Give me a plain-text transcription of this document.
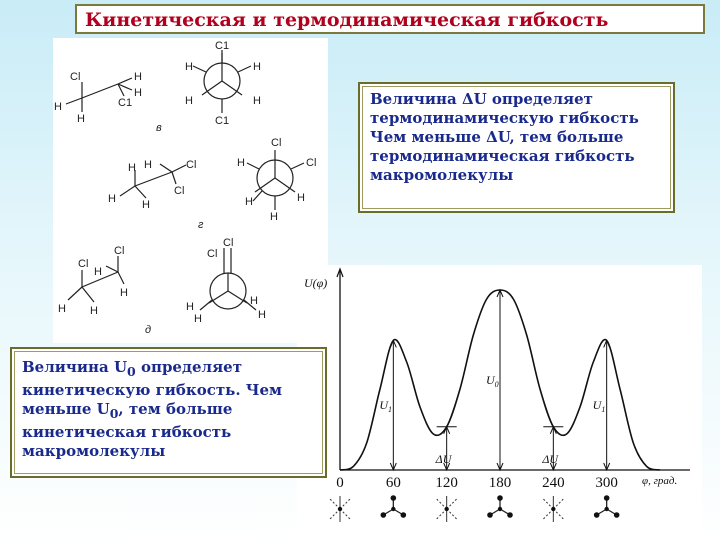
Кинетическая и термодинамическая гибкость
Cl
H
H
H
C1
H
C1
H	H
H	H
C1
в
H
H
H H
Cl
Cl
Cl
H	Cl
H	H
H
г
Cl
H
Cl
H H
H
Cl
Cl
H	H
H	H
д
U(φ)
φ, град.
0	60 120 180 240 300
$U_1$
$U_0$
$U_1$
ΔU	ΔU
Величина ΔU определяет
термодинамическую гибкость
Чем меньше ΔU, тем больше
термодинамическая гибкость
макромолекулы
Величина $U_0$ определяет
кинетическую гибкость. Чем
меньше $U_0$, тем больше
кинетическая гибкость
макромолекулы
